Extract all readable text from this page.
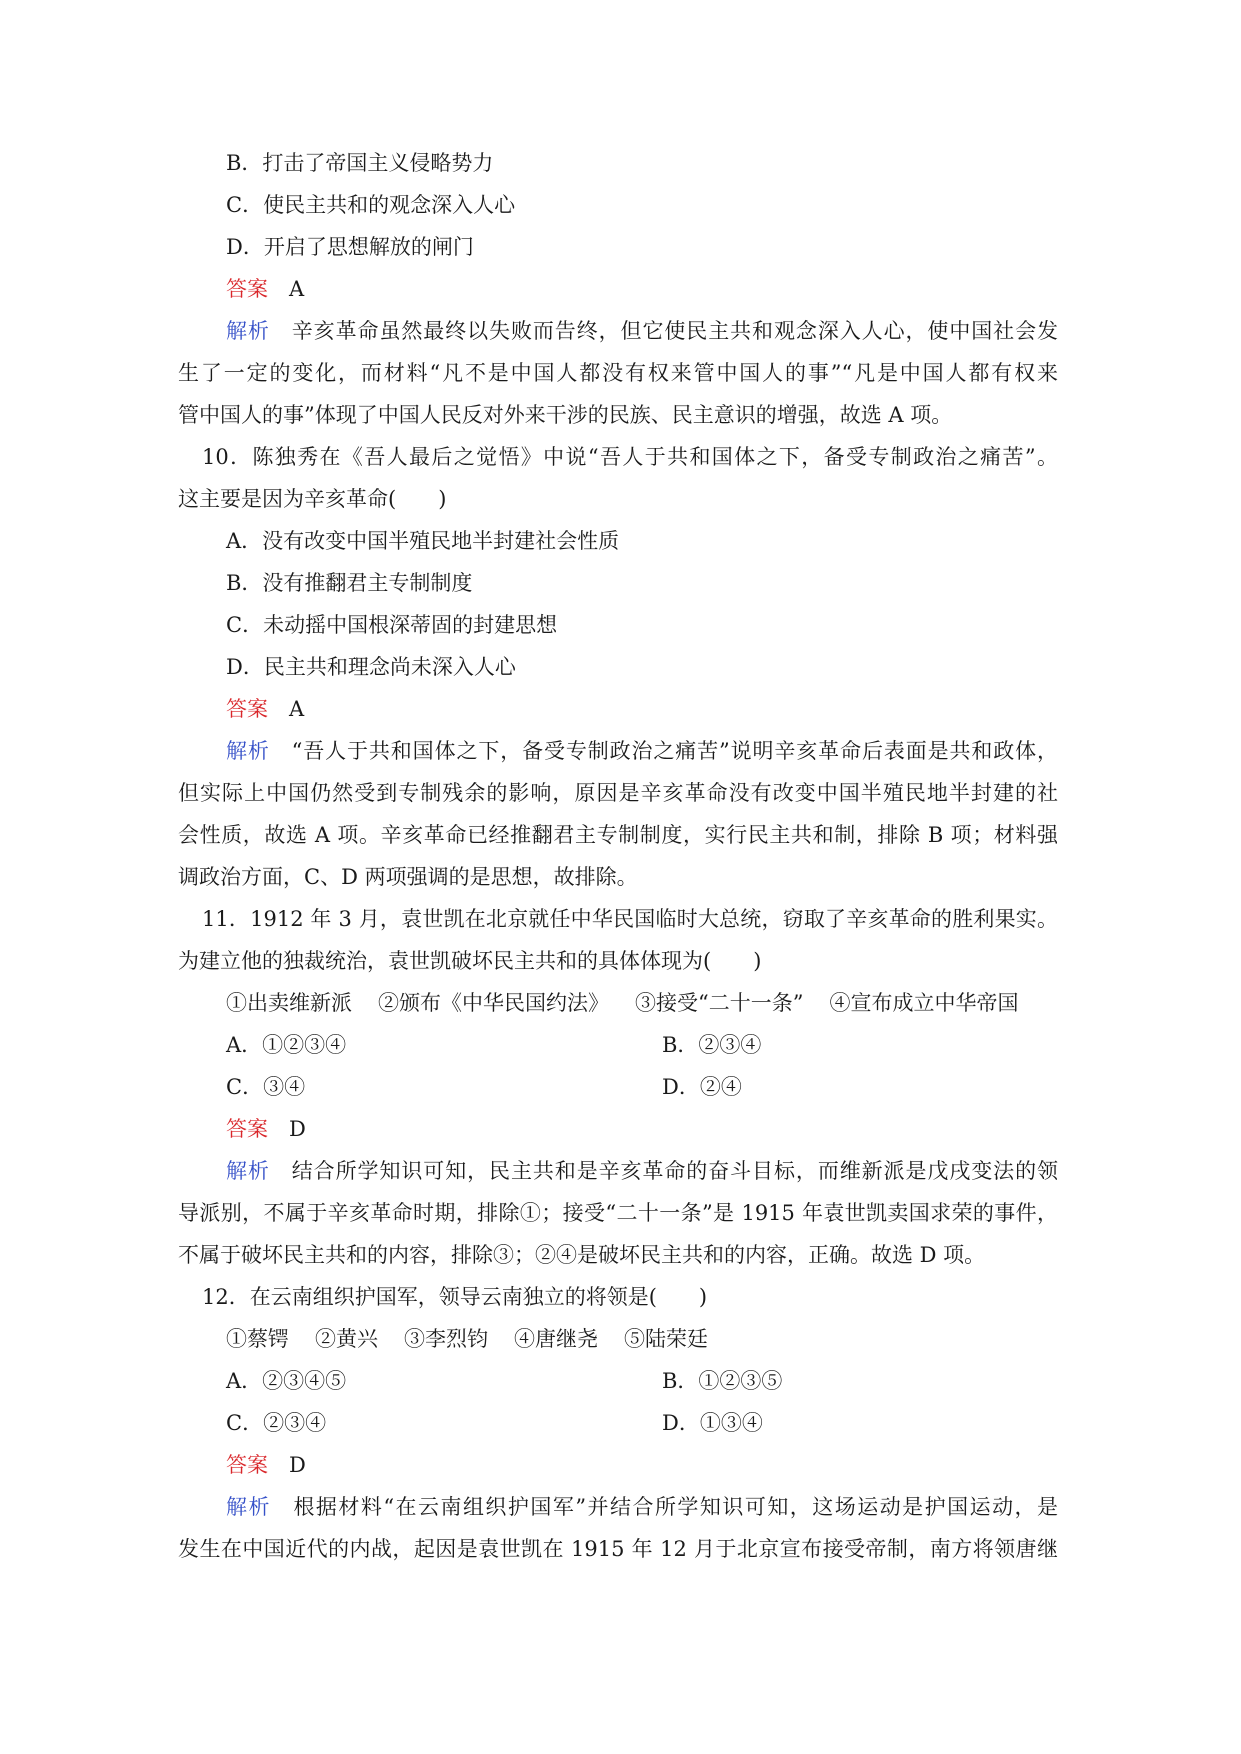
B．打击了帝国主义侵略势力
C．使民主共和的观念深入人心
D．开启了思想解放的闸门
答案　 A
解析　 辛亥革命虽然最终以失败而告终，但它使民主共和观念深入人心，使中国社会发
生了一定的变化，而材料“凡不是中国人都没有权来管中国人的事”“凡是中国人都有权来
管中国人的事”体现了中国人民反对外来干涉的民族、民主意识的增强，故选 A 项。
10．陈独秀在《吾人最后之觉悟》中说“吾人于共和国体之下，备受专制政治之痛苦”。
这主要是因为辛亥革命(　　)
A．没有改变中国半殖民地半封建社会性质
B．没有推翻君主专制制度
C．未动摇中国根深蒂固的封建思想
D．民主共和理念尚未深入人心
答案　 A
解析　 “吾人于共和国体之下，备受专制政治之痛苦”说明辛亥革命后表面是共和政体，
但实际上中国仍然受到专制残余的影响，原因是辛亥革命没有改变中国半殖民地半封建的社
会性质，故选 A 项。辛亥革命已经推翻君主专制制度，实行民主共和制，排除 B 项；材料强
调政治方面，C、D 两项强调的是思想，故排除。
11．1912 年 3 月，袁世凯在北京就任中华民国临时大总统，窃取了辛亥革命的胜利果实。
为建立他的独裁统治，袁世凯破坏民主共和的具体体现为(　　)
①出卖维新派 ②颁布《中华民国约法》 ③接受“二十一条” ④宣布成立中华帝国
A．①②③④	B．②③④
C．③④	D．②④
答案　 D
解析　 结合所学知识可知，民主共和是辛亥革命的奋斗目标，而维新派是戊戌变法的领
导派别，不属于辛亥革命时期，排除①；接受“二十一条”是 1915 年袁世凯卖国求荣的事件，
不属于破坏民主共和的内容，排除③；②④是破坏民主共和的内容，正确。故选 D 项。
12．在云南组织护国军，领导云南独立的将领是(　　)
①蔡锷 ②黄兴 ③李烈钧 ④唐继尧 ⑤陆荣廷
A．②③④⑤	B．①②③⑤
C．②③④	D．①③④
答案　 D
解析　 根据材料“在云南组织护国军”并结合所学知识可知，这场运动是护国运动，是
发生在中国近代的内战，起因是袁世凯在 1915 年 12 月于北京宣布接受帝制，南方将领唐继
